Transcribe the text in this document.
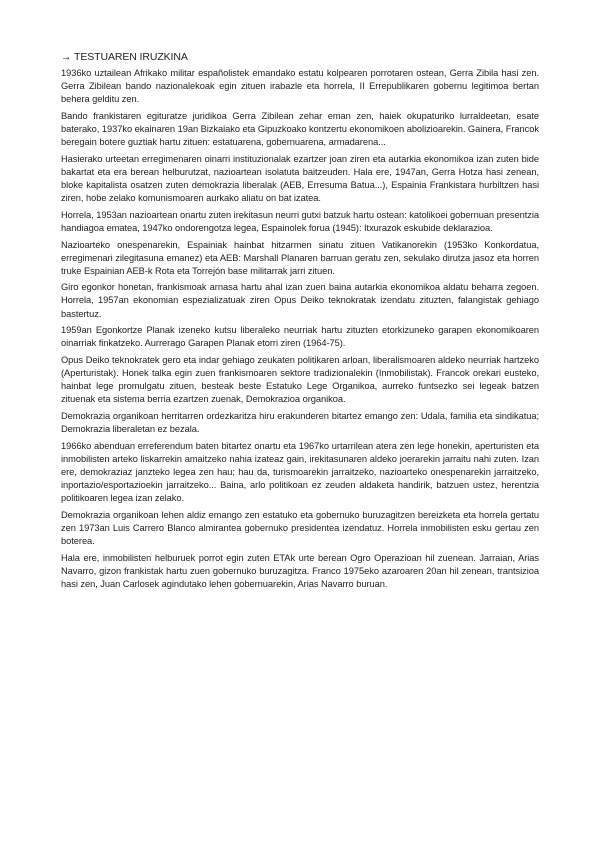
→ TESTUAREN IRUZKINA

1936ko uztailean Afrikako militar españolistek emandako estatu kolpearen porrotaren ostean, Gerra Zibila hasi zen. Gerra Zibilean bando nazionalekoak egin zituen irabazle eta horrela, II Errepublikaren gobernu legitimoa bertan behera gelditu zen.

Bando frankistaren egituratze juridikoa Gerra Zibilean zehar eman zen, haiek okupaturiko lurraldeetan, esate baterako, 1937ko ekainaren 19an Bizkaiako eta Gipuzkoako kontzertu ekonomikoen abolizioarekin. Gainera, Francok beregain botere guztiak hartu zituen: estatuarena, gobernuarena, armadarena...

Hasierako urteetan erregimenaren oinarri instituzionalak ezartzer joan ziren eta autarkia ekonomikoa izan zuten bide bakartat eta era berean helburutzat, nazioartean isolatuta baitzeuden. Hala ere, 1947an, Gerra Hotza hasi zenean, bloke kapitalista osatzen zuten demokrazia liberalak (AEB, Erresuma Batua...), Espainia Frankistara hurbiltzen hasi ziren, hobe zelako komunismoaren aurkako aliatu on bat izatea.

Horrela, 1953an nazioartean onartu zuten irekitasun neurri gutxi batzuk hartu ostean: katolikoei gobernuan presentzia handiagoa ematea, 1947ko ondorengotza legea, Espainolek forua (1945): Itxurazok eskubide deklarazioa.

Nazioarteko onespenarekin, Espainiak hainbat hitzarmen sinatu zituen Vatikanorekin (1953ko Konkordatua, erregimenari zilegitasuna emanez) eta AEB: Marshall Planaren barruan geratu zen, sekulako dirutza jasoz eta horren truke Espainian AEB-k Rota eta Torrejón base militarrak jarri zituen.

Giro egonkor honetan, frankismoak arnasa hartu ahal izan zuen baina autarkia ekonomikoa aldatu beharra zegoen. Horrela, 1957an ekonomian espezializatuak ziren Opus Deiko teknokratak izendatu zituzten, falangistak gehiago bastertuz.

1959an Egonkortze Planak izeneko kutsu liberaleko neurriak hartu zituzten etorkizuneko garapen ekonomikoaren oinarriak finkatzeko. Aurrerago Garapen Planak etorri ziren (1964-75).

Opus Deiko teknokratek gero eta indar gehiago zeukaten politikaren arloan, liberalismoaren aldeko neurriak hartzeko (Aperturistak). Honek talka egin zuen frankismoaren sektore tradizionalekin (Inmobilistak). Francok orekari eusteko, hainbat lege promulgatu zituen, besteak beste Estatuko Lege Organikoa, aurreko funtsezko sei legeak batzen zituenak eta sistema berria ezartzen zuenak, Demokrazioa organikoa.

Demokrazia organikoan herritarren ordezkaritza hiru erakunderen bitartez emango zen: Udala, familia eta sindikatua; Demokrazia liberaletan ez bezala.

1966ko abenduan erreferendum baten bitartez onartu eta 1967ko urtarrilean atera zen lege honekin, aperturisten eta inmobilisten arteko liskarrekin amaitzeko nahia izateaz gain, irekitasunaren aldeko joerarekin jarraitu nahi zuten. Izan ere, demokraziaz janzteko legea zen hau; hau da, turismoarekin jarraitzeko, nazioarteko onespenarekin jarraitzeko, inportazio/esportazioekin jarraitzeko... Baina, arlo politikoan ez zeuden aldaketa handirik, batzuen ustez, herentzia politikoaren legea izan zelako.

Demokrazia organikoan lehen aldiz emango zen estatuko eta gobernuko buruzagitzen bereizketa eta horrela gertatu zen 1973an Luis Carrero Blanco almirantea gobernuko presidentea izendatuz. Horrela inmobilisten esku gertau zen boterea.

Hala ere, inmobilisten helburuek porrot egin zuten ETAk urte berean Ogro Operazioan hil zuenean. Jarraian, Arias Navarro, gizon frankistak hartu zuen gobernuko buruzagitza. Franco 1975eko azaroaren 20an hil zenean, trantsizioa hasi zen, Juan Carlosek agindutako lehen gobernuarekin, Arias Navarro buruan.
